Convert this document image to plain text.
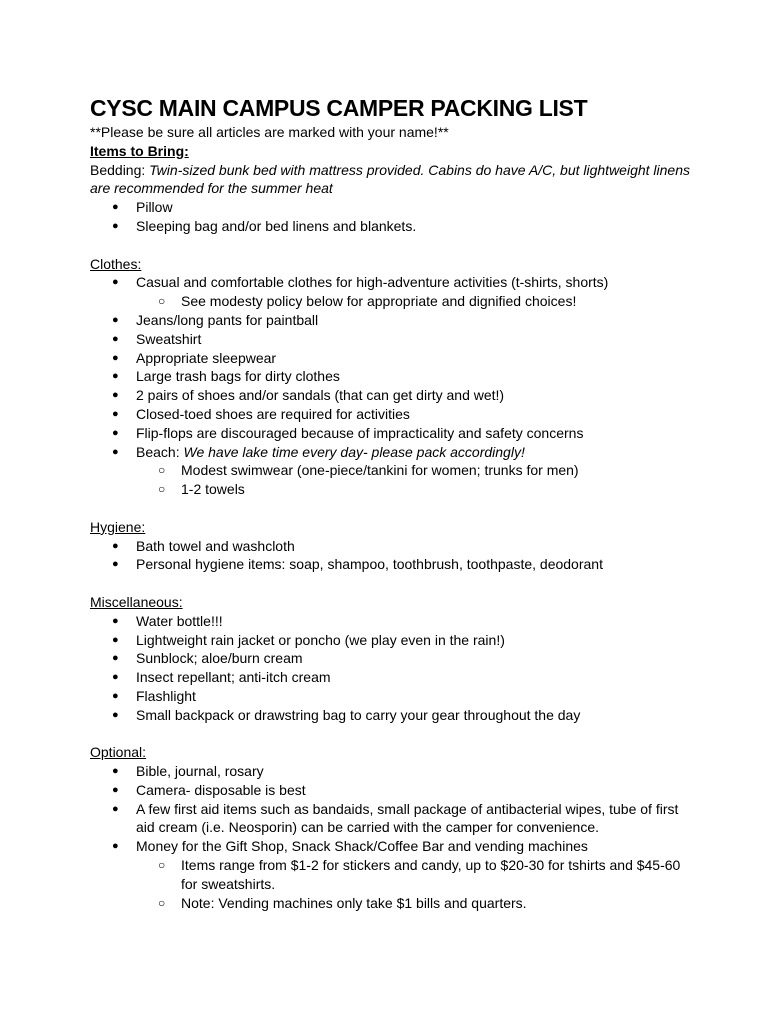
CYSC MAIN CAMPUS CAMPER PACKING LIST

**Please be sure all articles are marked with your name!**

Items to Bring:

Bedding: Twin-sized bunk bed with mattress provided. Cabins do have A/C, but lightweight linens are recommended for the summer heat

● Pillow
● Sleeping bag and/or bed linens and blankets.

Clothes:

● Casual and comfortable clothes for high-adventure activities (t-shirts, shorts)
○ See modesty policy below for appropriate and dignified choices!
● Jeans/long pants for paintball
● Sweatshirt
● Appropriate sleepwear
● Large trash bags for dirty clothes
● 2 pairs of shoes and/or sandals (that can get dirty and wet!)
● Closed-toed shoes are required for activities
● Flip-flops are discouraged because of impracticality and safety concerns
● Beach: We have lake time every day- please pack accordingly!
○ Modest swimwear (one-piece/tankini for women; trunks for men)
○ 1-2 towels

Hygiene:

● Bath towel and washcloth
● Personal hygiene items: soap, shampoo, toothbrush, toothpaste, deodorant

Miscellaneous:

● Water bottle!!!
● Lightweight rain jacket or poncho (we play even in the rain!)
● Sunblock; aloe/burn cream
● Insect repellant; anti-itch cream
● Flashlight
● Small backpack or drawstring bag to carry your gear throughout the day

Optional:

● Bible, journal, rosary
● Camera- disposable is best
● A few first aid items such as bandaids, small package of antibacterial wipes, tube of first aid cream (i.e. Neosporin) can be carried with the camper for convenience.
● Money for the Gift Shop, Snack Shack/Coffee Bar and vending machines
○ Items range from $1-2 for stickers and candy, up to $20-30 for tshirts and $45-60 for sweatshirts.
○ Note: Vending machines only take $1 bills and quarters.
